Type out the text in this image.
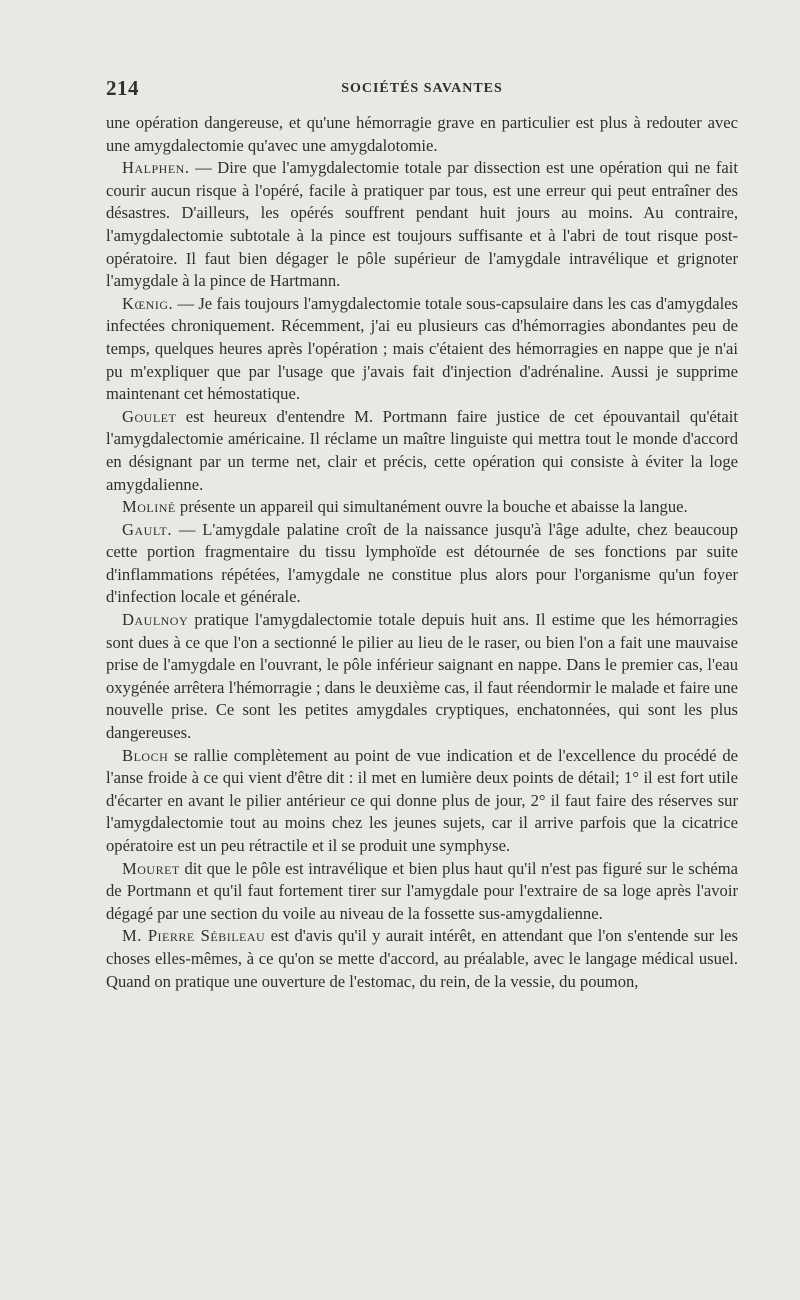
214	SOCIÉTÉS SAVANTES

une opération dangereuse, et qu'une hémorragie grave en particulier est plus à redouter avec une amygdalectomie qu'avec une amygdalotomie.

Halphen. — Dire que l'amygdalectomie totale par dissection est une opération qui ne fait courir aucun risque à l'opéré, facile à pratiquer par tous, est une erreur qui peut entraîner des désastres. D'ailleurs, les opérés souffrent pendant huit jours au moins. Au contraire, l'amygdalectomie subtotale à la pince est toujours suffisante et à l'abri de tout risque post-opératoire. Il faut bien dégager le pôle supérieur de l'amygdale intravélique et grignoter l'amygdale à la pince de Hartmann.

Kœnig. — Je fais toujours l'amygdalectomie totale sous-capsulaire dans les cas d'amygdales infectées chroniquement. Récemment, j'ai eu plusieurs cas d'hémorragies abondantes peu de temps, quelques heures après l'opération ; mais c'étaient des hémorragies en nappe que je n'ai pu m'expliquer que par l'usage que j'avais fait d'injection d'adrénaline. Aussi je supprime maintenant cet hémostatique.

Goulet est heureux d'entendre M. Portmann faire justice de cet épouvantail qu'était l'amygdalectomie américaine. Il réclame un maître linguiste qui mettra tout le monde d'accord en désignant par un terme net, clair et précis, cette opération qui consiste à éviter la loge amygdalienne.

Moliné présente un appareil qui simultanément ouvre la bouche et abaisse la langue.

Gault. — L'amygdale palatine croît de la naissance jusqu'à l'âge adulte, chez beaucoup cette portion fragmentaire du tissu lymphoïde est détournée de ses fonctions par suite d'inflammations répétées, l'amygdale ne constitue plus alors pour l'organisme qu'un foyer d'infection locale et générale.

Daulnoy pratique l'amygdalectomie totale depuis huit ans. Il estime que les hémorragies sont dues à ce que l'on a sectionné le pilier au lieu de le raser, ou bien l'on a fait une mauvaise prise de l'amygdale en l'ouvrant, le pôle inférieur saignant en nappe. Dans le premier cas, l'eau oxygénée arrêtera l'hémorragie ; dans le deuxième cas, il faut réendormir le malade et faire une nouvelle prise. Ce sont les petites amygdales cryptiques, enchatonnées, qui sont les plus dangereuses.

Bloch se rallie complètement au point de vue indication et de l'excellence du procédé de l'anse froide à ce qui vient d'être dit : il met en lumière deux points de détail; 1° il est fort utile d'écarter en avant le pilier antérieur ce qui donne plus de jour, 2° il faut faire des réserves sur l'amygdalectomie tout au moins chez les jeunes sujets, car il arrive parfois que la cicatrice opératoire est un peu rétractile et il se produit une symphyse.

Mouret dit que le pôle est intravélique et bien plus haut qu'il n'est pas figuré sur le schéma de Portmann et qu'il faut fortement tirer sur l'amygdale pour l'extraire de sa loge après l'avoir dégagé par une section du voile au niveau de la fossette sus-amygdalienne.

M. Pierre Sébileau est d'avis qu'il y aurait intérêt, en attendant que l'on s'entende sur les choses elles-mêmes, à ce qu'on se mette d'accord, au préalable, avec le langage médical usuel. Quand on pratique une ouverture de l'estomac, du rein, de la vessie, du poumon,
